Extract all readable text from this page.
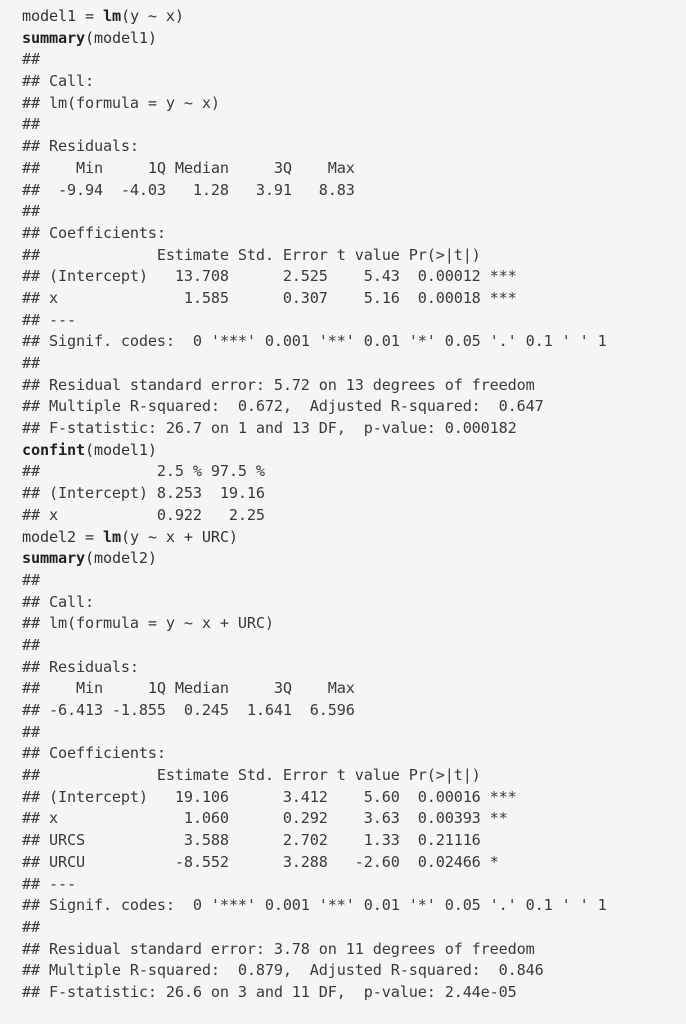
model1 = lm(y ~ x)
summary(model1)
##
## Call:
## lm(formula = y ~ x)
##
## Residuals:
##    Min     1Q Median     3Q    Max
##  -9.94  -4.03   1.28   3.91   8.83
##
## Coefficients:
##             Estimate Std. Error t value Pr(>|t|)
## (Intercept)   13.708      2.525    5.43  0.00012 ***
## x              1.585      0.307    5.16  0.00018 ***
## ---
## Signif. codes:  0 '***' 0.001 '**' 0.01 '*' 0.05 '.' 0.1 ' ' 1
##
## Residual standard error: 5.72 on 13 degrees of freedom
## Multiple R-squared:  0.672,  Adjusted R-squared:  0.647
## F-statistic: 26.7 on 1 and 13 DF,  p-value: 0.000182
confint(model1)
##             2.5 % 97.5 %
## (Intercept) 8.253  19.16
## x           0.922   2.25
model2 = lm(y ~ x + URC)
summary(model2)
##
## Call:
## lm(formula = y ~ x + URC)
##
## Residuals:
##    Min     1Q Median     3Q    Max
## -6.413 -1.855  0.245  1.641  6.596
##
## Coefficients:
##             Estimate Std. Error t value Pr(>|t|)
## (Intercept)   19.106      3.412    5.60  0.00016 ***
## x              1.060      0.292    3.63  0.00393 **
## URCS           3.588      2.702    1.33  0.21116
## URCU          -8.552      3.288   -2.60  0.02466 *
## ---
## Signif. codes:  0 '***' 0.001 '**' 0.01 '*' 0.05 '.' 0.1 ' ' 1
##
## Residual standard error: 3.78 on 11 degrees of freedom
## Multiple R-squared:  0.879,  Adjusted R-squared:  0.846
## F-statistic: 26.6 on 3 and 11 DF,  p-value: 2.44e-05
